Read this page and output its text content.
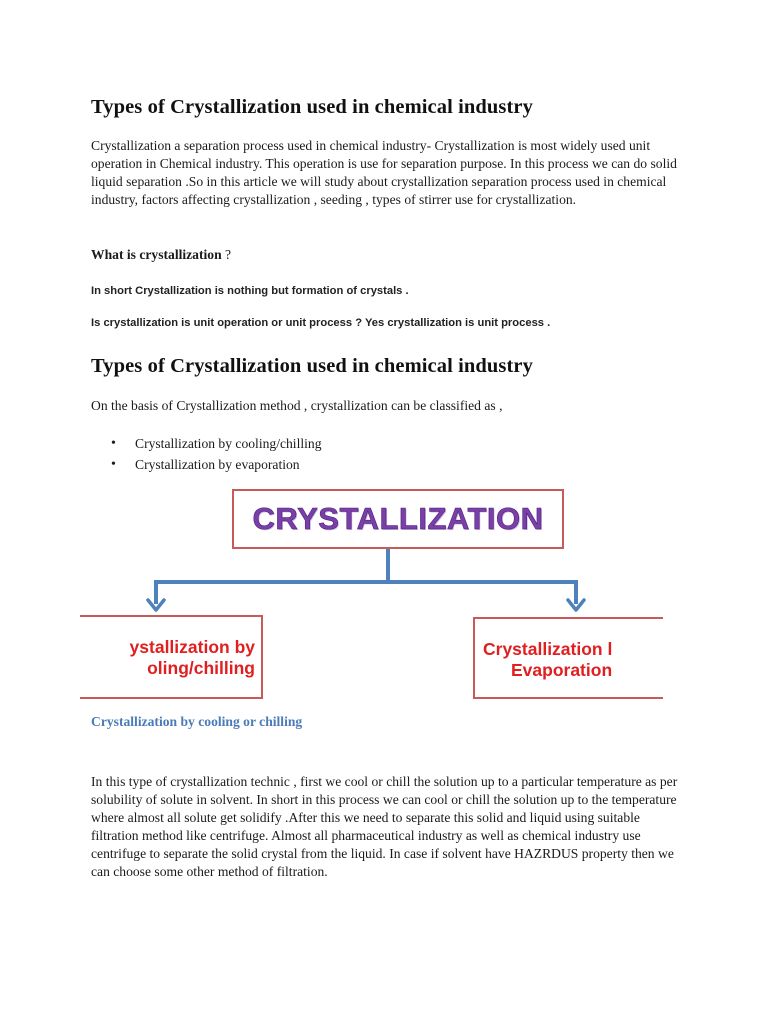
Types of Crystallization used in chemical industry
Crystallization a separation process used in chemical industry- Crystallization is most widely used unit operation in Chemical industry. This operation is use for separation purpose. In this process we can do solid liquid separation .So in this article we will study about crystallization separation process used in chemical industry, factors affecting crystallization , seeding , types of stirrer use for crystallization.
What is crystallization ?
In short Crystallization is nothing but formation of crystals .
Is crystallization is unit operation or unit process ? Yes crystallization is unit process .
Types of Crystallization used in chemical industry
On the basis of Crystallization method , crystallization can be classified as ,
• Crystallization by cooling/chilling
• Crystallization by evaporation
Crystallization by cooling or chilling
In this type of crystallization technic , first we cool or chill the solution up to a particular temperature as per solubility of solute in solvent. In short in this process we can cool or chill the solution up to the temperature where almost all solute get solidify .After this we need to separate this solid and liquid using suitable filtration method like centrifuge. Almost all pharmaceutical industry as well as chemical industry use centrifuge to separate the solid crystal from the liquid. In case if solvent have HAZRDUS property then we can choose some other method of filtration.
CRYSTALLIZATION
ystallization by
oling/chilling
Crystallization l
Evaporation
